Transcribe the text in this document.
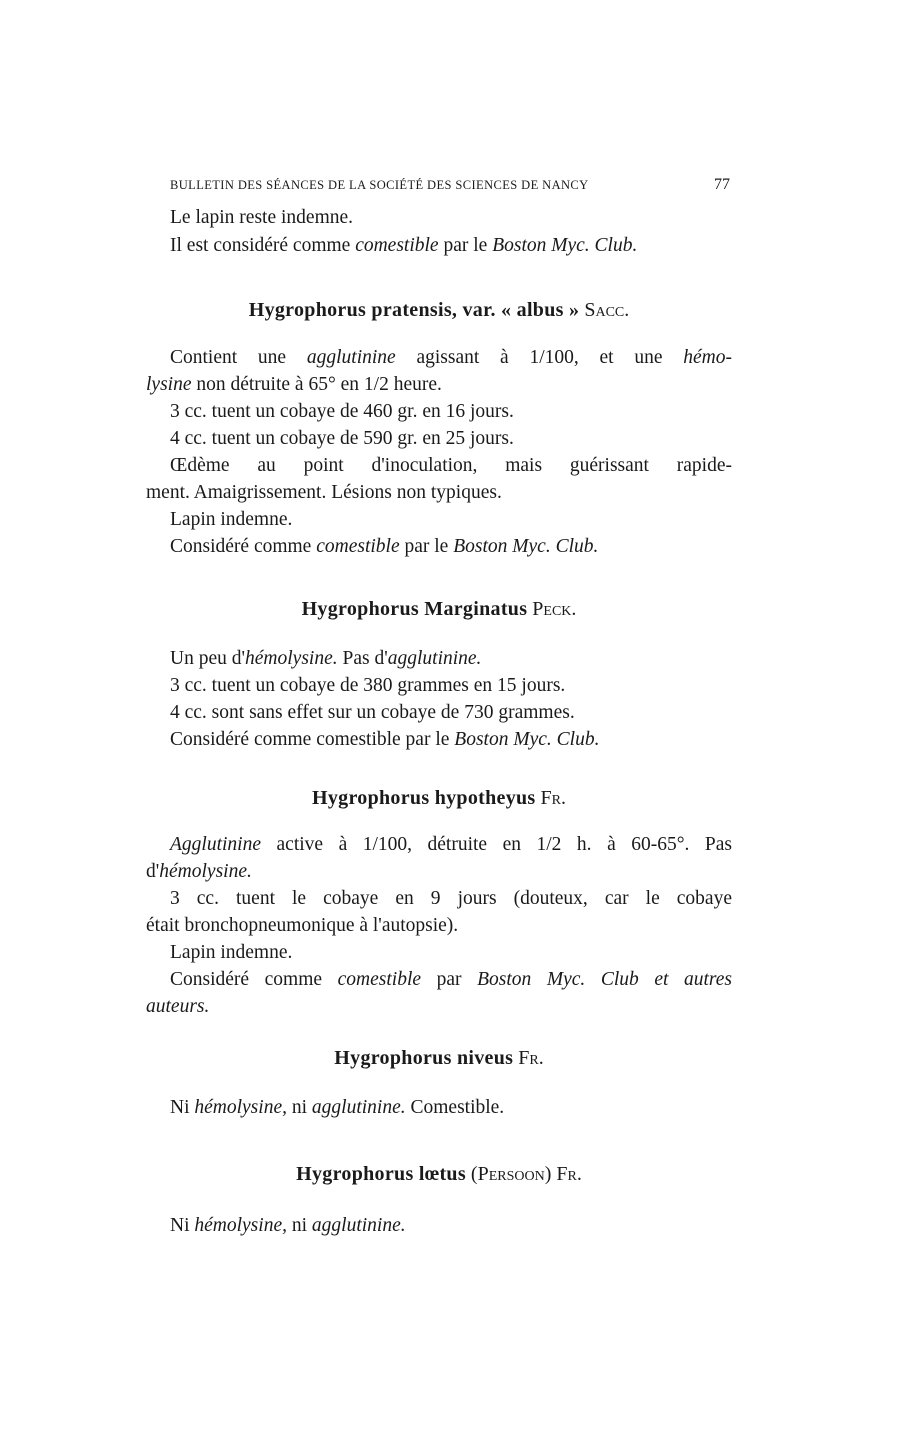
BULLETIN DES SÉANCES DE LA SOCIÉTÉ DES SCIENCES DE NANCY	77
Le lapin reste indemne.
Il est considéré comme comestible par le Boston Myc. Club.
Hygrophorus pratensis, var. « albus » Sacc.
Contient une agglutinine agissant à 1/100, et une hémo-
lysine non détruite à 65° en 1/2 heure.
3 cc. tuent un cobaye de 460 gr. en 16 jours.
4 cc. tuent un cobaye de 590 gr. en 25 jours.
Œdème au point d'inoculation, mais guérissant rapide-
ment. Amaigrissement. Lésions non typiques.
Lapin indemne.
Considéré comme comestible par le Boston Myc. Club.
Hygrophorus Marginatus Peck.
Un peu d'hémolysine. Pas d'agglutinine.
3 cc. tuent un cobaye de 380 grammes en 15 jours.
4 cc. sont sans effet sur un cobaye de 730 grammes.
Considéré comme comestible par le Boston Myc. Club.
Hygrophorus hypotheyus Fr.
Agglutinine active à 1/100, détruite en 1/2 h. à 60-65°. Pas
d'hémolysine.
3 cc. tuent le cobaye en 9 jours (douteux, car le cobaye
était bronchopneumonique à l'autopsie).
Lapin indemne.
Considéré comme comestible par Boston Myc. Club et autres
auteurs.
Hygrophorus niveus Fr.
Ni hémolysine, ni agglutinine. Comestible.
Hygrophorus lœtus (Persoon) Fr.
Ni hémolysine, ni agglutinine.
